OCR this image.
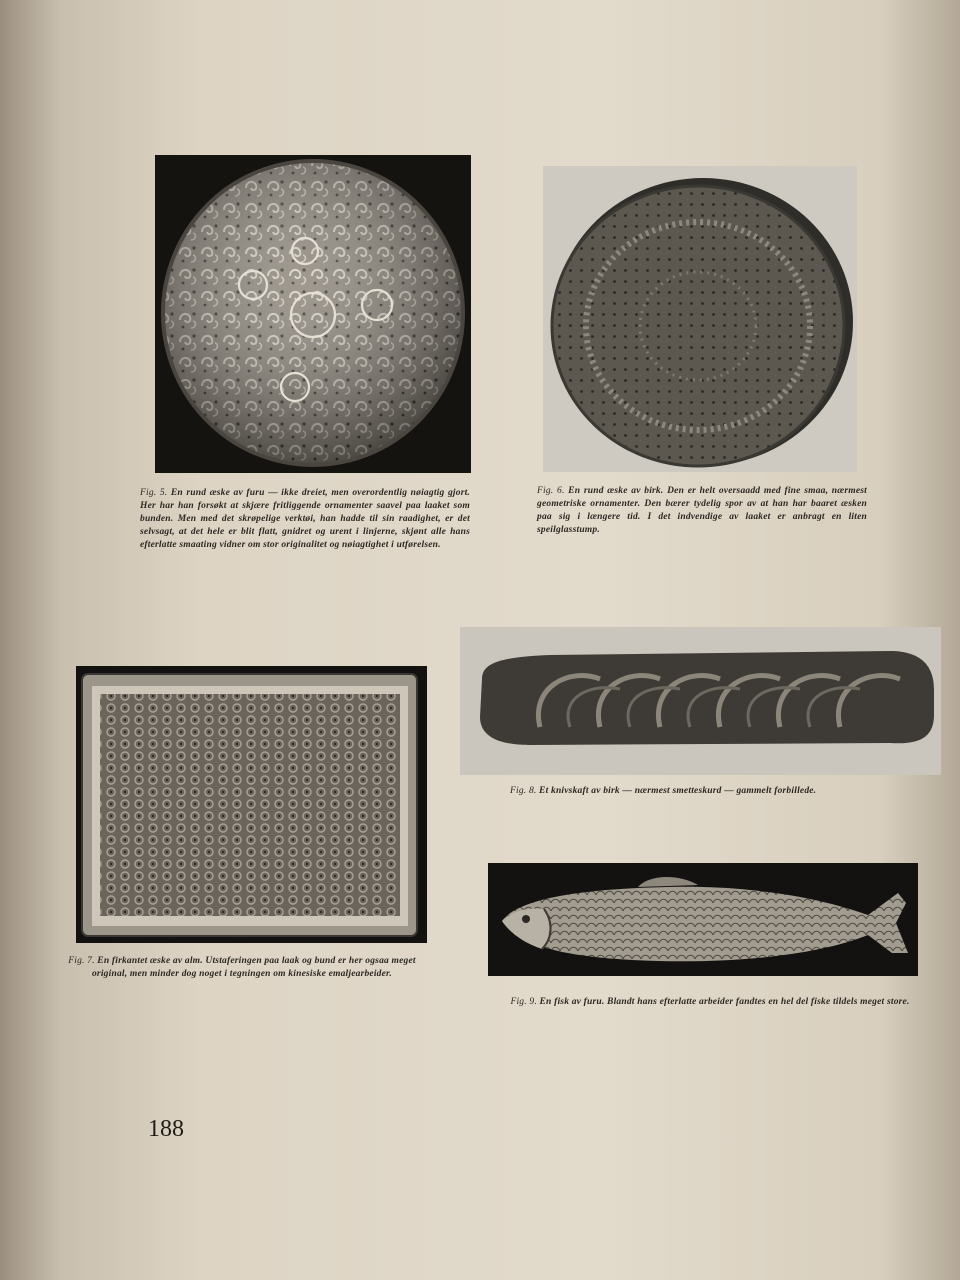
Fig. 5. En rund æske av furu — ikke dreiet, men overordentlig nøiagtig gjort. Her har han forsøkt at skjære fritliggende ornamenter saavel paa laaket som bunden. Men med det skrøpelige verktøi, han hadde til sin raadighet, er det selvsagt, at det hele er blit flatt, gnidret og urent i linjerne, skjønt alle hans efterlatte smaating vidner om stor originalitet og nøiagtighet i utførelsen.
Fig. 6. En rund æske av birk. Den er helt oversaadd med fine smaa, nærmest geometriske ornamenter. Den bærer tydelig spor av at han har baaret æsken paa sig i længere tid. I det indvendige av laaket er anbragt en liten speilglasstump.
Fig. 7. En firkantet æske av alm. Utstaferingen paa laak og bund er her ogsaa meget original, men minder dog noget i tegningen om kinesiske emaljearbeider.
Fig. 8. Et knivskaft av birk — nærmest smetteskurd — gammelt forbillede.
Fig. 9. En fisk av furu. Blandt hans efterlatte arbeider fandtes en hel del fiske tildels meget store.
188
